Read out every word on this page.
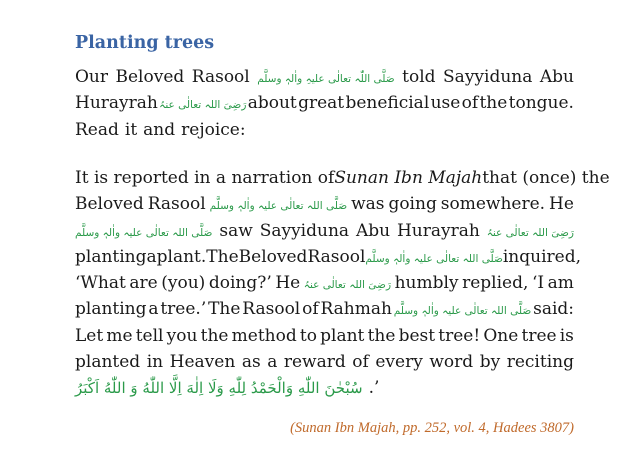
Planting trees
Our Beloved Rasool صَلَّی اللّٰہ تعالٰی علیہِ واٰلہٖ وسلَّم told Sayyiduna Abu
Hurayrah رَضِیَ اللہ تعالٰی عنہُ about great beneficial use of the tongue.
Read it and rejoice:
It is reported in a narration of Sunan Ibn Majah that (once) the
Beloved Rasool صَلَّی اللہ تعالٰی علیہ واٰلہٖ وسلَّم was going somewhere. He
صَلَّی اللہ تعالٰی علیہ واٰلہٖ وسلَّم saw Sayyiduna Abu Hurayrah رَضِیَ اللہ تعالٰی عنہُ
planting a plant. The Beloved Rasool صَلَّی اللہ تعالٰی علیہ واٰلہٖ وسلَّم inquired,
‘What are (you) doing?’ He رَضِیَ اللہ تعالٰی عنہُ humbly replied, ‘I am
planting a tree.’ The Rasool of Rahmah صَلَّی اللہ تعالٰی علیہ واٰلہٖ وسلَّم said:
Let me tell you the method to plant the best tree! One tree is
planted in Heaven as a reward of every word by reciting
.’
سُبْحٰنَ اللّٰهِ وَالْحَمْدُ لِلّٰهِ وَلَا اِلٰهَ اِلَّا اللّٰهُ وَ اللّٰهُ اَكْبَرُ
(Sunan Ibn Majah, pp. 252, vol. 4, Hadees 3807)
